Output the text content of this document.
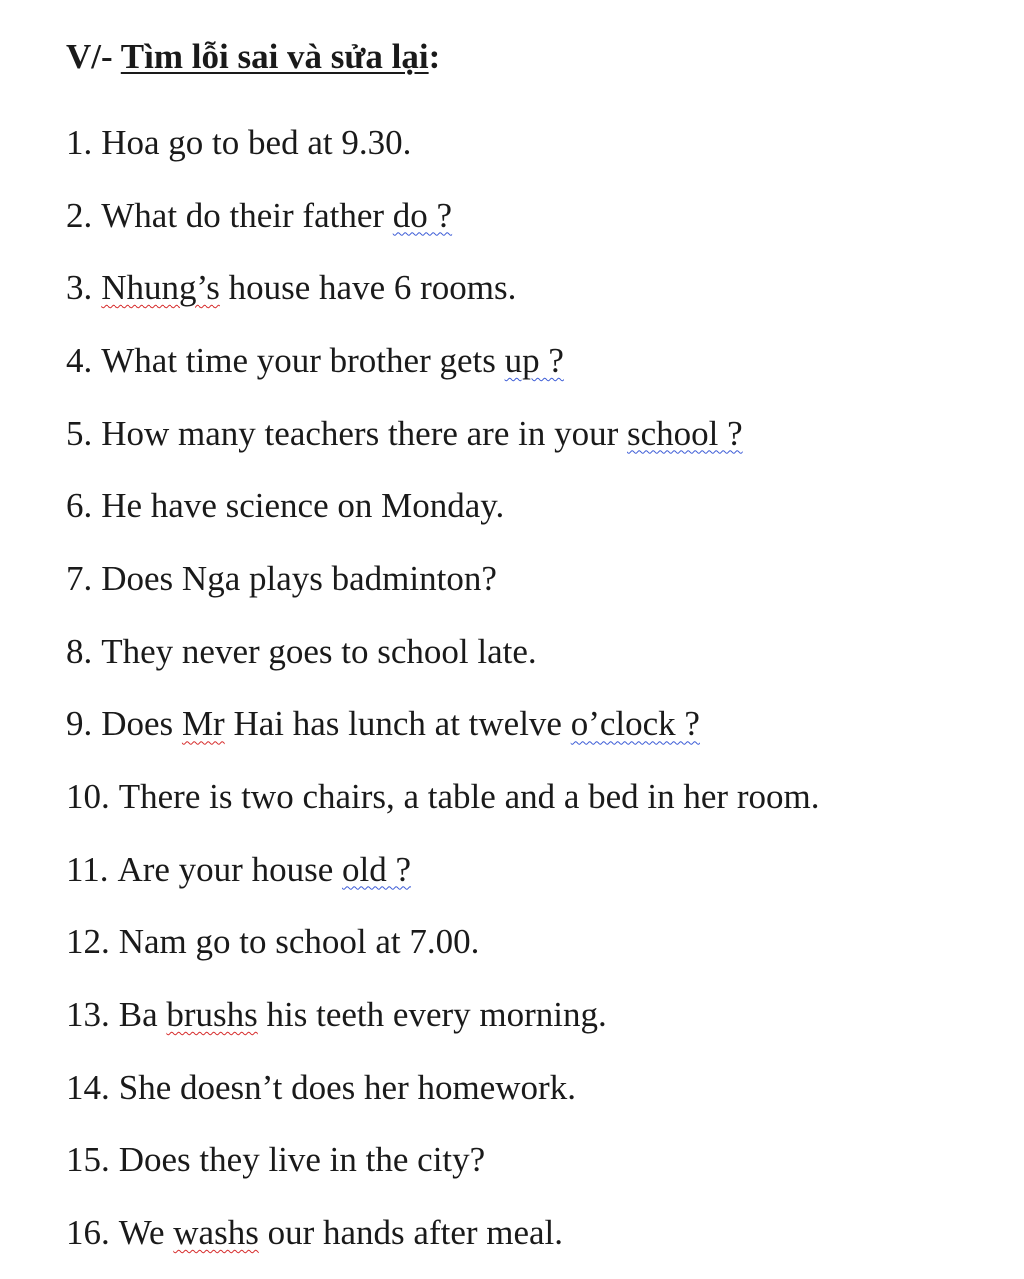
V/- Tìm lỗi sai và sửa lại:
1. Hoa go to bed at 9.30.
2. What do their father do ?
3. Nhung’s house have 6 rooms.
4. What time your brother gets up ?
5. How many teachers there are in your school ?
6. He have science on Monday.
7. Does Nga plays badminton?
8. They never goes to school late.
9. Does Mr Hai has lunch at twelve o’clock ?
10. There is two chairs, a table and a bed in her room.
11. Are your house old ?
12. Nam go to school at 7.00.
13. Ba brushs his teeth every morning.
14. She doesn’t does her homework.
15. Does they live in the city?
16. We washs our hands after meal.
